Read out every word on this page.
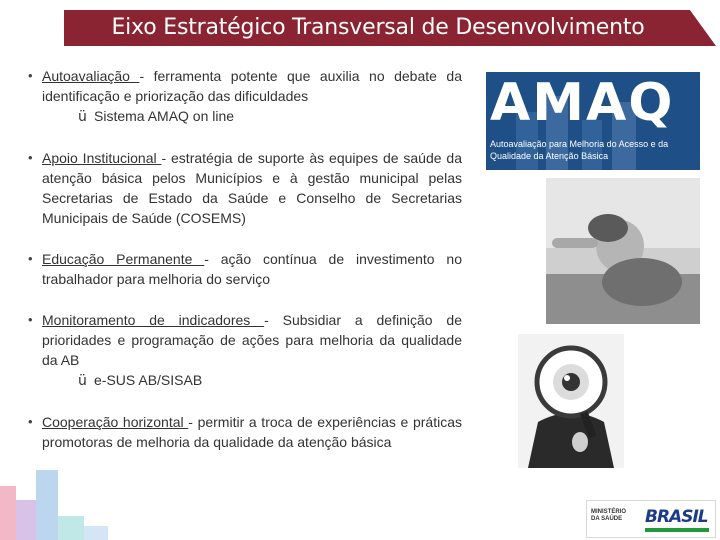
Eixo Estratégico Transversal de Desenvolvimento
• Autoavaliação - ferramenta potente que auxilia no debate da identificação e priorização das dificuldades

ü Sistema AMAQ on line

• Apoio Institucional - estratégia de suporte às equipes de saúde da atenção básica pelos Municípios e à gestão municipal pelas Secretarias de Estado da Saúde e Conselho de Secretarias Municipais de Saúde (COSEMS)

• Educação Permanente - ação contínua de investimento no trabalhador para melhoria do serviço

• Monitoramento de indicadores - Subsidiar a definição de prioridades e programação de ações para melhoria da qualidade da AB

ü e-SUS AB/SISAB

• Cooperação horizontal - permitir a troca de experiências e práticas promotoras de melhoria da qualidade da atenção básica

AMAQ
Autoavaliação para Melhoria do Acesso e da Qualidade da Atenção Básica
MINISTÉRIO DA SAÚDE	BRASIL
